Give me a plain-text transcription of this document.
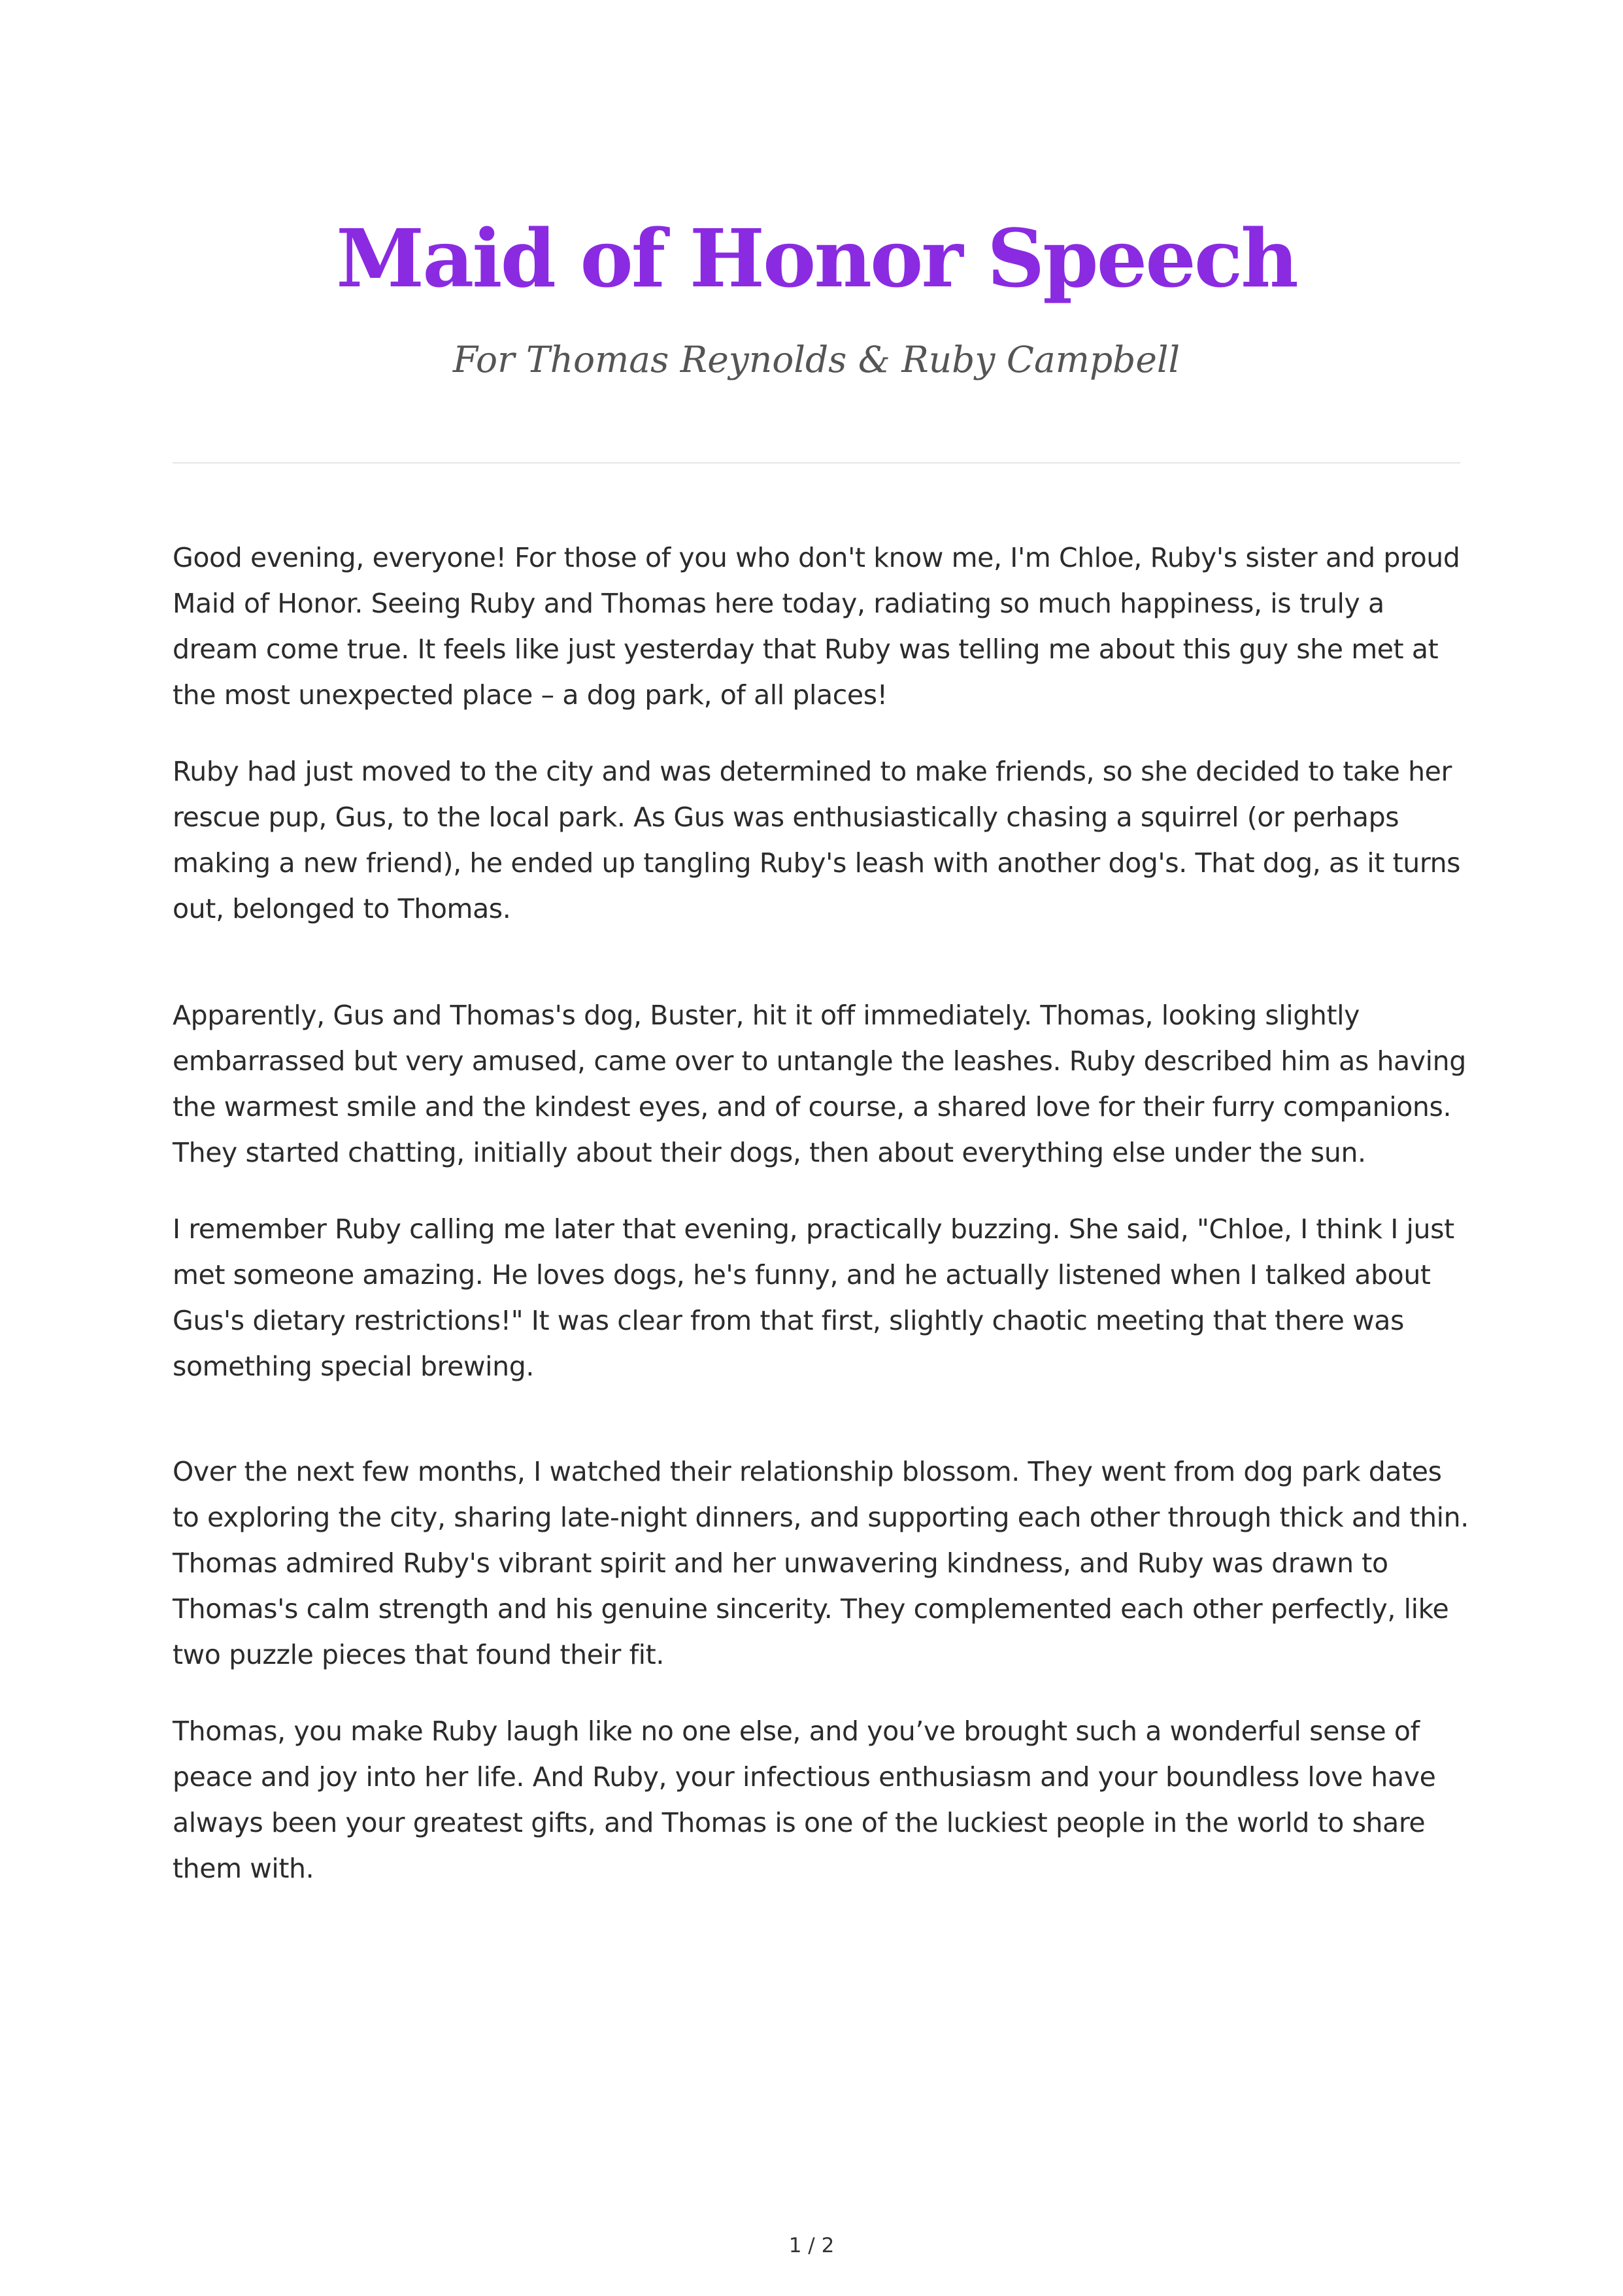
Maid of Honor Speech
For Thomas Reynolds & Ruby Campbell

Good evening, everyone! For those of you who don't know me, I'm Chloe, Ruby's sister and proud Maid of Honor. Seeing Ruby and Thomas here today, radiating so much happiness, is truly a dream come true. It feels like just yesterday that Ruby was telling me about this guy she met at the most unexpected place – a dog park, of all places!

Ruby had just moved to the city and was determined to make friends, so she decided to take her rescue pup, Gus, to the local park. As Gus was enthusiastically chasing a squirrel (or perhaps making a new friend), he ended up tangling Ruby's leash with another dog's. That dog, as it turns out, belonged to Thomas.

Apparently, Gus and Thomas's dog, Buster, hit it off immediately. Thomas, looking slightly embarrassed but very amused, came over to untangle the leashes. Ruby described him as having the warmest smile and the kindest eyes, and of course, a shared love for their furry companions. They started chatting, initially about their dogs, then about everything else under the sun.

I remember Ruby calling me later that evening, practically buzzing. She said, "Chloe, I think I just met someone amazing. He loves dogs, he's funny, and he actually listened when I talked about Gus's dietary restrictions!" It was clear from that first, slightly chaotic meeting that there was something special brewing.

Over the next few months, I watched their relationship blossom. They went from dog park dates to exploring the city, sharing late-night dinners, and supporting each other through thick and thin. Thomas admired Ruby's vibrant spirit and her unwavering kindness, and Ruby was drawn to Thomas's calm strength and his genuine sincerity. They complemented each other perfectly, like two puzzle pieces that found their fit.

Thomas, you make Ruby laugh like no one else, and you’ve brought such a wonderful sense of peace and joy into her life. And Ruby, your infectious enthusiasm and your boundless love have always been your greatest gifts, and Thomas is one of the luckiest people in the world to share them with.

1 / 2
